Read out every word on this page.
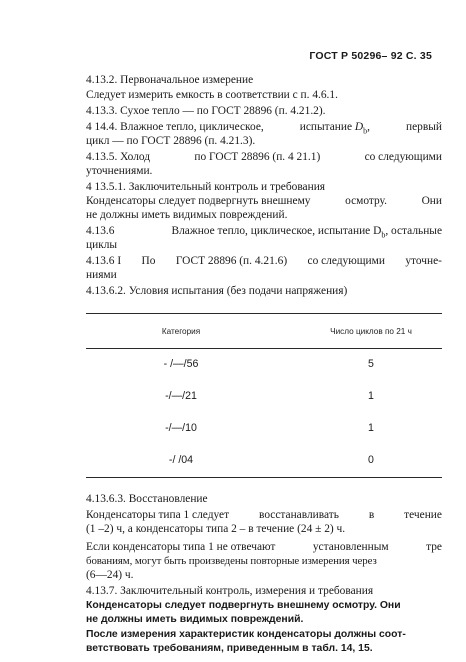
ГОСТ Р 50296– 92 С. 35
4.13.2. Первоначальное измерение
Следует измерить емкость в соответствии с п. 4.6.1.
4.13.3. Сухое тепло — по ГОСТ 28896 (п. 4.21.2).
4 14.4. Влажное тепло, циклическое,	испытание $D_b$,	первый
цикл — по ГОСТ 28896 (п. 4.21.3).
4.13.5. Холод	по ГОСТ 28896 (п. 4 21.1)	со следующими
уточнениями.
4 13.5.1. Заключительный контроль и требования
Конденсаторы следует подвергнуть внешнему	осмотру.	Они
не должны иметь видимых повреждений.
4.13.6	Влажное тепло, циклическое, испытание $D_b$, остальные
циклы
4.13.6 I По ГОСТ 28896 (п. 4.21.6) со следующими уточне-
ниями
4.13.6.2. Условия испытания (без подачи напряжения)
Категория	Число циклов по 21 ч
- /—/56	5
-/—/21	1
-/—/10	1
-/ /04	0
4.13.6.3. Восстановление
Конденсаторы типа 1 следует	восстанавливать	в	течение
(1 –2) ч, а конденсаторы типа 2 – в течение (24 ± 2) ч.
Если конденсаторы типа 1 не отвечают	установленным	тре
бованиям, могут быть произведены повторные измерения через
(6—24) ч.
4.13.7. Заключительный контроль, измерения и требования
Конденсаторы следует подвергнуть внешнему осмотру. Они
не должны иметь видимых повреждений.
После измерения характеристик конденсаторы должны соот-
ветствовать требованиям, приведенным в табл. 14, 15.
